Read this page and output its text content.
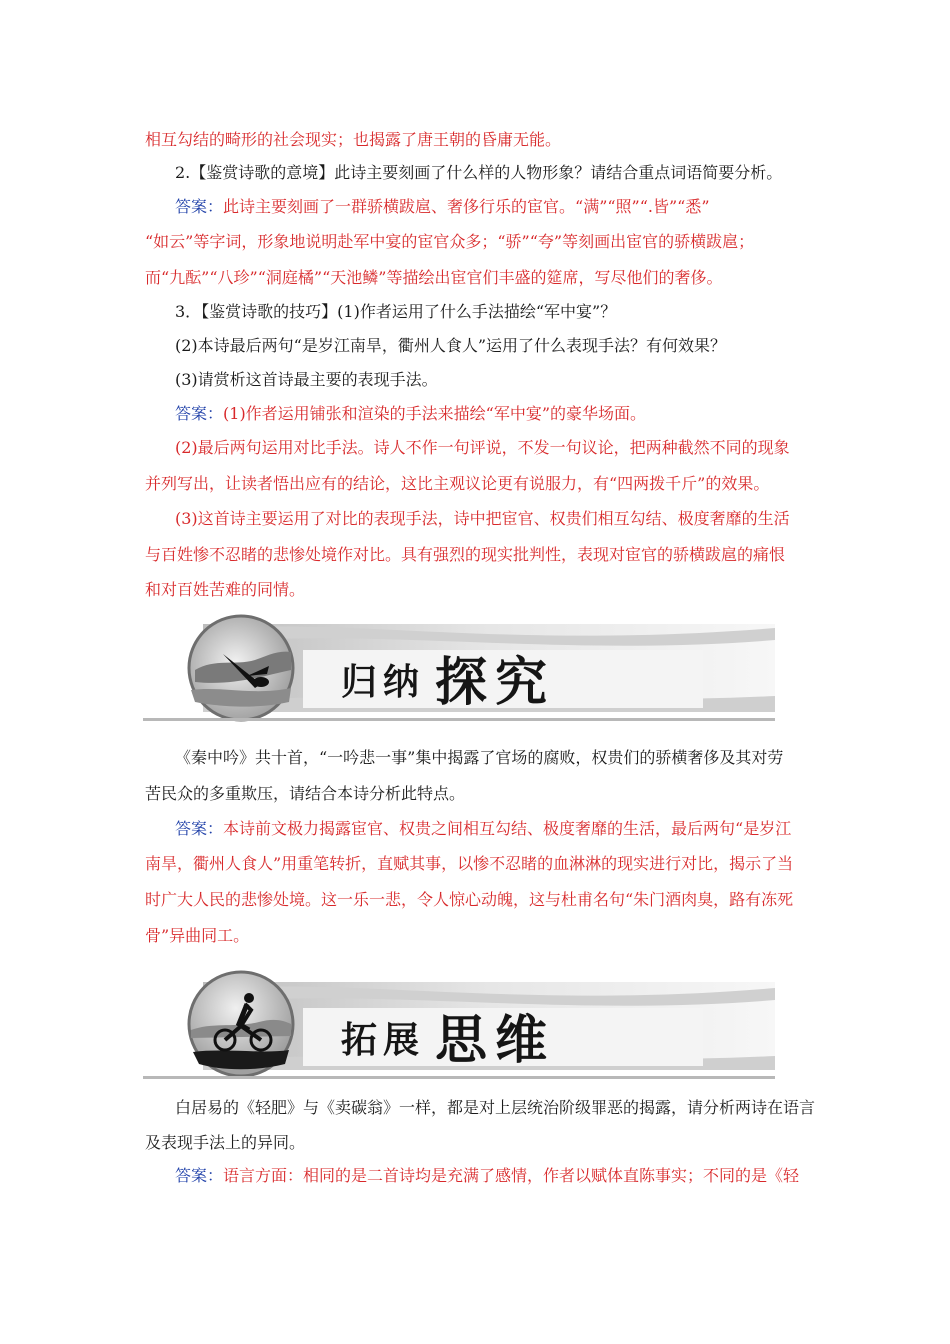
相互勾结的畸形的社会现实；也揭露了唐王朝的昏庸无能。
2.【鉴赏诗歌的意境】此诗主要刻画了什么样的人物形象？请结合重点词语简要分析。
答案：此诗主要刻画了一群骄横跋扈、奢侈行乐的宦官。“满”“照”“.皆”“悉”
“如云”等字词，形象地说明赴军中宴的宦官众多；“骄”“夸”等刻画出宦官的骄横跋扈；
而“九酝”“八珍”“洞庭橘”“天池鳞”等描绘出宦官们丰盛的筵席，写尽他们的奢侈。
3．【鉴赏诗歌的技巧】(1)作者运用了什么手法描绘“军中宴”？
(2)本诗最后两句“是岁江南旱，衢州人食人”运用了什么表现手法？有何效果？
(3)请赏析这首诗最主要的表现手法。
答案：(1)作者运用铺张和渲染的手法来描绘“军中宴”的豪华场面。
(2)最后两句运用对比手法。诗人不作一句评说，不发一句议论，把两种截然不同的现象
并列写出，让读者悟出应有的结论，这比主观议论更有说服力，有“四两拨千斤”的效果。
(3)这首诗主要运用了对比的表现手法，诗中把宦官、权贵们相互勾结、极度奢靡的生活
与百姓惨不忍睹的悲惨处境作对比。具有强烈的现实批判性，表现对宦官的骄横跋扈的痛恨
和对百姓苦难的同情。
归纳 探究
《秦中吟》共十首，“一吟悲一事”集中揭露了官场的腐败，权贵们的骄横奢侈及其对劳
苦民众的多重欺压，请结合本诗分析此特点。
答案：本诗前文极力揭露宦官、权贵之间相互勾结、极度奢靡的生活，最后两句“是岁江
南旱，衢州人食人”用重笔转折，直赋其事，以惨不忍睹的血淋淋的现实进行对比，揭示了当
时广大人民的悲惨处境。这一乐一悲，令人惊心动魄，这与杜甫名句“朱门酒肉臭，路有冻死
骨”异曲同工。
拓展 思维
白居易的《轻肥》与《卖碳翁》一样，都是对上层统治阶级罪恶的揭露，请分析两诗在语言
及表现手法上的异同。
答案：语言方面：相同的是二首诗均是充满了感情，作者以赋体直陈事实；不同的是《轻
